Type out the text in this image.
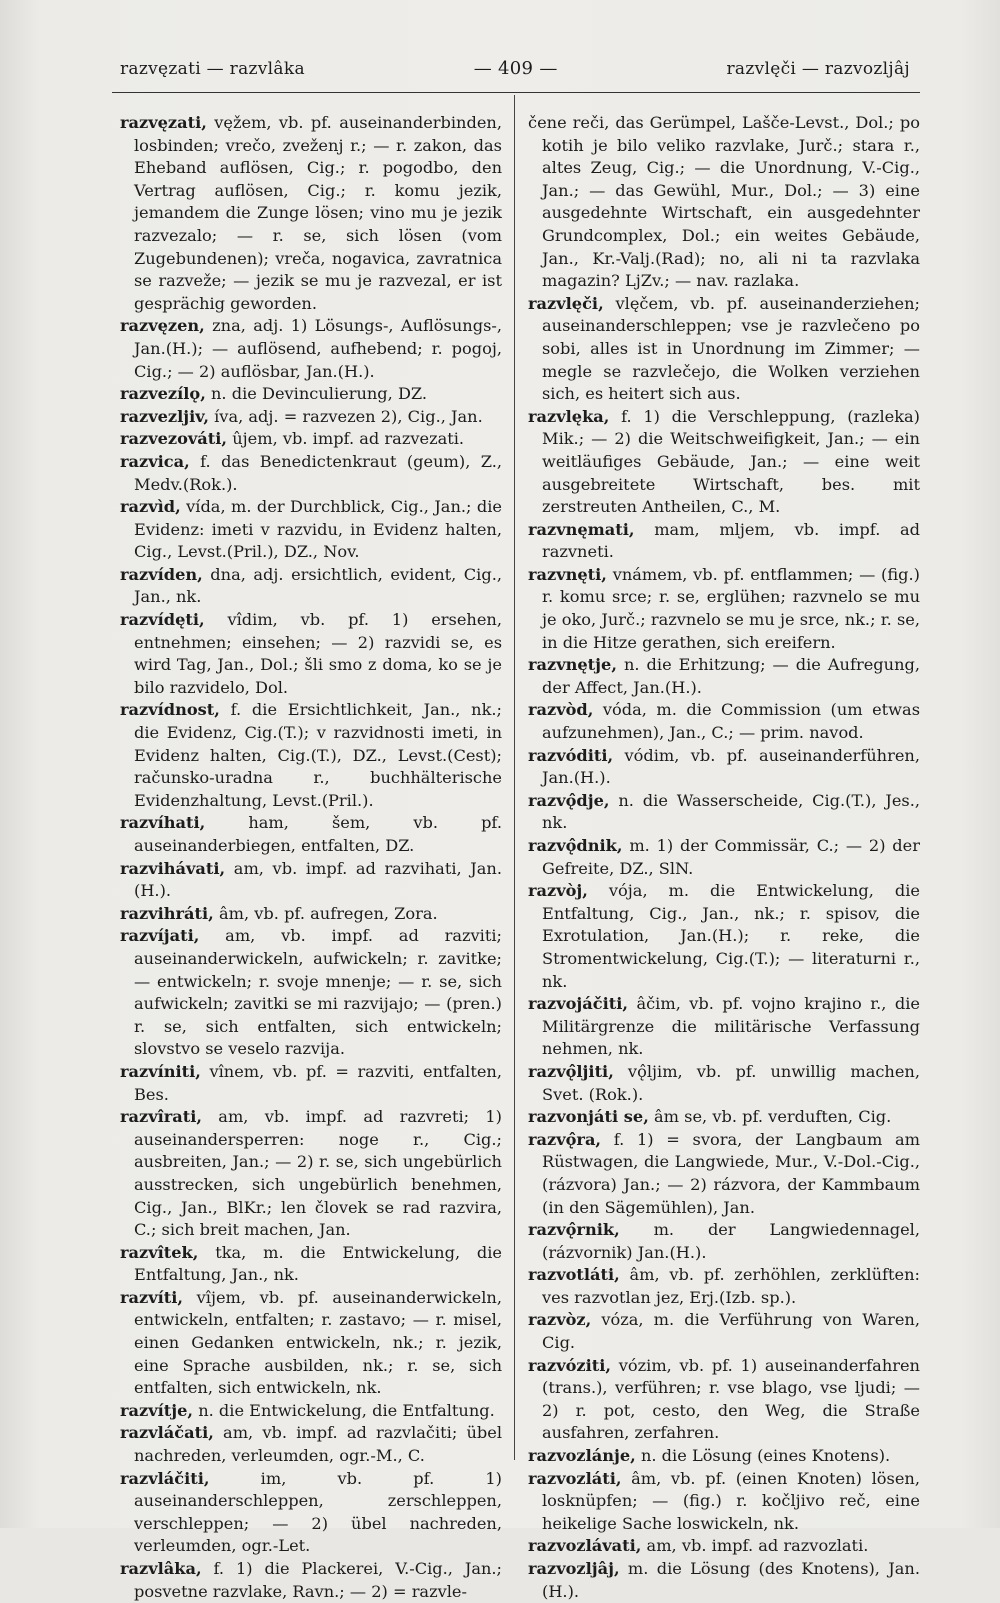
razvęzati — razvlâka	— 409 —	razvlęči — razvozljâj

razvęzati, vęžem, vb. pf. auseinanderbinden, losbinden; vrečo, zveženj r.; — r. zakon, das Eheband auflösen, Cig.; r. pogodbo, den Vertrag auflösen, Cig.; r. komu jezik, jemandem die Zunge lösen; vino mu je jezik razvezalo; — r. se, sich lösen (vom Zugebundenen); vreča, nogavica, zavratnica se razveže; — jezik se mu je razvezal, er ist gesprächig geworden.

razvęzen, zna, adj. 1) Lösungs-, Auflösungs-, Jan.(H.); — auflösend, aufhebend; r. pogoj, Cig.; — 2) auflösbar, Jan.(H.).

razvezílǫ, n. die Devinculierung, DZ.

razvezljiv, íva, adj. = razvezen 2), Cig., Jan.

razvezováti, ûjem, vb. impf. ad razvezati.

razvica, f. das Benedictenkraut (geum), Z., Medv.(Rok.).

razvìd, vída, m. der Durchblick, Cig., Jan.; die Evidenz: imeti v razvidu, in Evidenz halten, Cig., Levst.(Pril.), DZ., Nov.

razvíden, dna, adj. ersichtlich, evident, Cig., Jan., nk.

razvídęti, vîdim, vb. pf. 1) ersehen, entnehmen; einsehen; — 2) razvidi se, es wird Tag, Jan., Dol.; šli smo z doma, ko se je bilo razvidelo, Dol.

razvídnost, f. die Ersichtlichkeit, Jan., nk.; die Evidenz, Cig.(T.); v razvidnosti imeti, in Evidenz halten, Cig.(T.), DZ., Levst.(Cest); računsko-uradna r., buchhälterische Evidenzhaltung, Levst.(Pril.).

razvíhati, ham, šem, vb. pf. auseinanderbiegen, entfalten, DZ.

razvihávati, am, vb. impf. ad razvihati, Jan. (H.).

razvihráti, âm, vb. pf. aufregen, Zora.

razvíjati, am, vb. impf. ad razviti; auseinanderwickeln, aufwickeln; r. zavitke; — entwickeln; r. svoje mnenje; — r. se, sich aufwickeln; zavitki se mi razvijajo; — (pren.) r. se, sich entfalten, sich entwickeln; slovstvo se veselo razvija.

razvíniti, vînem, vb. pf. = razviti, entfalten, Bes.

razvîrati, am, vb. impf. ad razvreti; 1) auseinandersperren: noge r., Cig.; ausbreiten, Jan.; — 2) r. se, sich ungebürlich ausstrecken, sich ungebürlich benehmen, Cig., Jan., BlKr.; len človek se rad razvira, C.; sich breit machen, Jan.

razvîtek, tka, m. die Entwickelung, die Entfaltung, Jan., nk.

razvíti, vîjem, vb. pf. auseinanderwickeln, entwickeln, entfalten; r. zastavo; — r. misel, einen Gedanken entwickeln, nk.; r. jezik, eine Sprache ausbilden, nk.; r. se, sich entfalten, sich entwickeln, nk.

razvítje, n. die Entwickelung, die Entfaltung.

razvláčati, am, vb. impf. ad razvlačiti; übel nachreden, verleumden, ogr.-M., C.

razvláčiti, im, vb. pf. 1) auseinanderschleppen, zerschleppen, verschleppen; — 2) übel nachreden, verleumden, ogr.-Let.

razvlâka, f. 1) die Plackerei, V.-Cig., Jan.; posvetne razvlake, Ravn.; — 2) = razvle-

čene reči, das Gerümpel, Lašče-Levst., Dol.; po kotih je bilo veliko razvlake, Jurč.; stara r., altes Zeug, Cig.; — die Unordnung, V.-Cig., Jan.; — das Gewühl, Mur., Dol.; — 3) eine ausgedehnte Wirtschaft, ein ausgedehnter Grundcomplex, Dol.; ein weites Gebäude, Jan., Kr.-Valj.(Rad); no, ali ni ta razvlaka magazin? LjZv.; — nav. razlaka.

razvlęči, vlęčem, vb. pf. auseinanderziehen; auseinanderschleppen; vse je razvlečeno po sobi, alles ist in Unordnung im Zimmer; — megle se razvlečejo, die Wolken verziehen sich, es heitert sich aus.

razvlęka, f. 1) die Verschleppung, (razleka) Mik.; — 2) die Weitschweifigkeit, Jan.; — ein weitläufiges Gebäude, Jan.; — eine weit ausgebreitete Wirtschaft, bes. mit zerstreuten Antheilen, C., M.

razvnęmati, mam, mljem, vb. impf. ad razvneti.

razvnęti, vnámem, vb. pf. entflammen; — (fig.) r. komu srce; r. se, erglühen; razvnelo se mu je oko, Jurč.; razvnelo se mu je srce, nk.; r. se, in die Hitze gerathen, sich ereifern.

razvnętje, n. die Erhitzung; — die Aufregung, der Affect, Jan.(H.).

razvòd, vóda, m. die Commission (um etwas aufzunehmen), Jan., C.; — prim. navod.

razvóditi, vódim, vb. pf. auseinanderführen, Jan.(H.).

razvǫ̂dje, n. die Wasserscheide, Cig.(T.), Jes., nk.

razvǫ̂dnik, m. 1) der Commissär, C.; — 2) der Gefreite, DZ., SlN.

razvòj, vója, m. die Entwickelung, die Entfaltung, Cig., Jan., nk.; r. spisov, die Exrotulation, Jan.(H.); r. reke, die Stromentwickelung, Cig.(T.); — literaturni r., nk.

razvojáčiti, âčim, vb. pf. vojno krajino r., die Militärgrenze die militärische Verfassung nehmen, nk.

razvǫ̂ljiti, vǫ̂ljim, vb. pf. unwillig machen, Svet. (Rok.).

razvonjáti se, âm se, vb. pf. verduften, Cig.

razvǫ̂ra, f. 1) = svora, der Langbaum am Rüstwagen, die Langwiede, Mur., V.-Dol.-Cig., (rázvora) Jan.; — 2) rázvora, der Kammbaum (in den Sägemühlen), Jan.

razvǫ̂rnik, m. der Langwiedennagel, (rázvornik) Jan.(H.).

razvotláti, âm, vb. pf. zerhöhlen, zerklüften: ves razvotlan jez, Erj.(Izb. sp.).

razvòz, vóza, m. die Verführung von Waren, Cig.

razvóziti, vózim, vb. pf. 1) auseinanderfahren (trans.), verführen; r. vse blago, vse ljudi; — 2) r. pot, cesto, den Weg, die Straße ausfahren, zerfahren.

razvozlánje, n. die Lösung (eines Knotens).

razvozláti, âm, vb. pf. (einen Knoten) lösen, losknüpfen; — (fig.) r. kočljivo reč, eine heikelige Sache loswickeln, nk.

razvozlávati, am, vb. impf. ad razvozlati.

razvozljâj, m. die Lösung (des Knotens), Jan. (H.).
